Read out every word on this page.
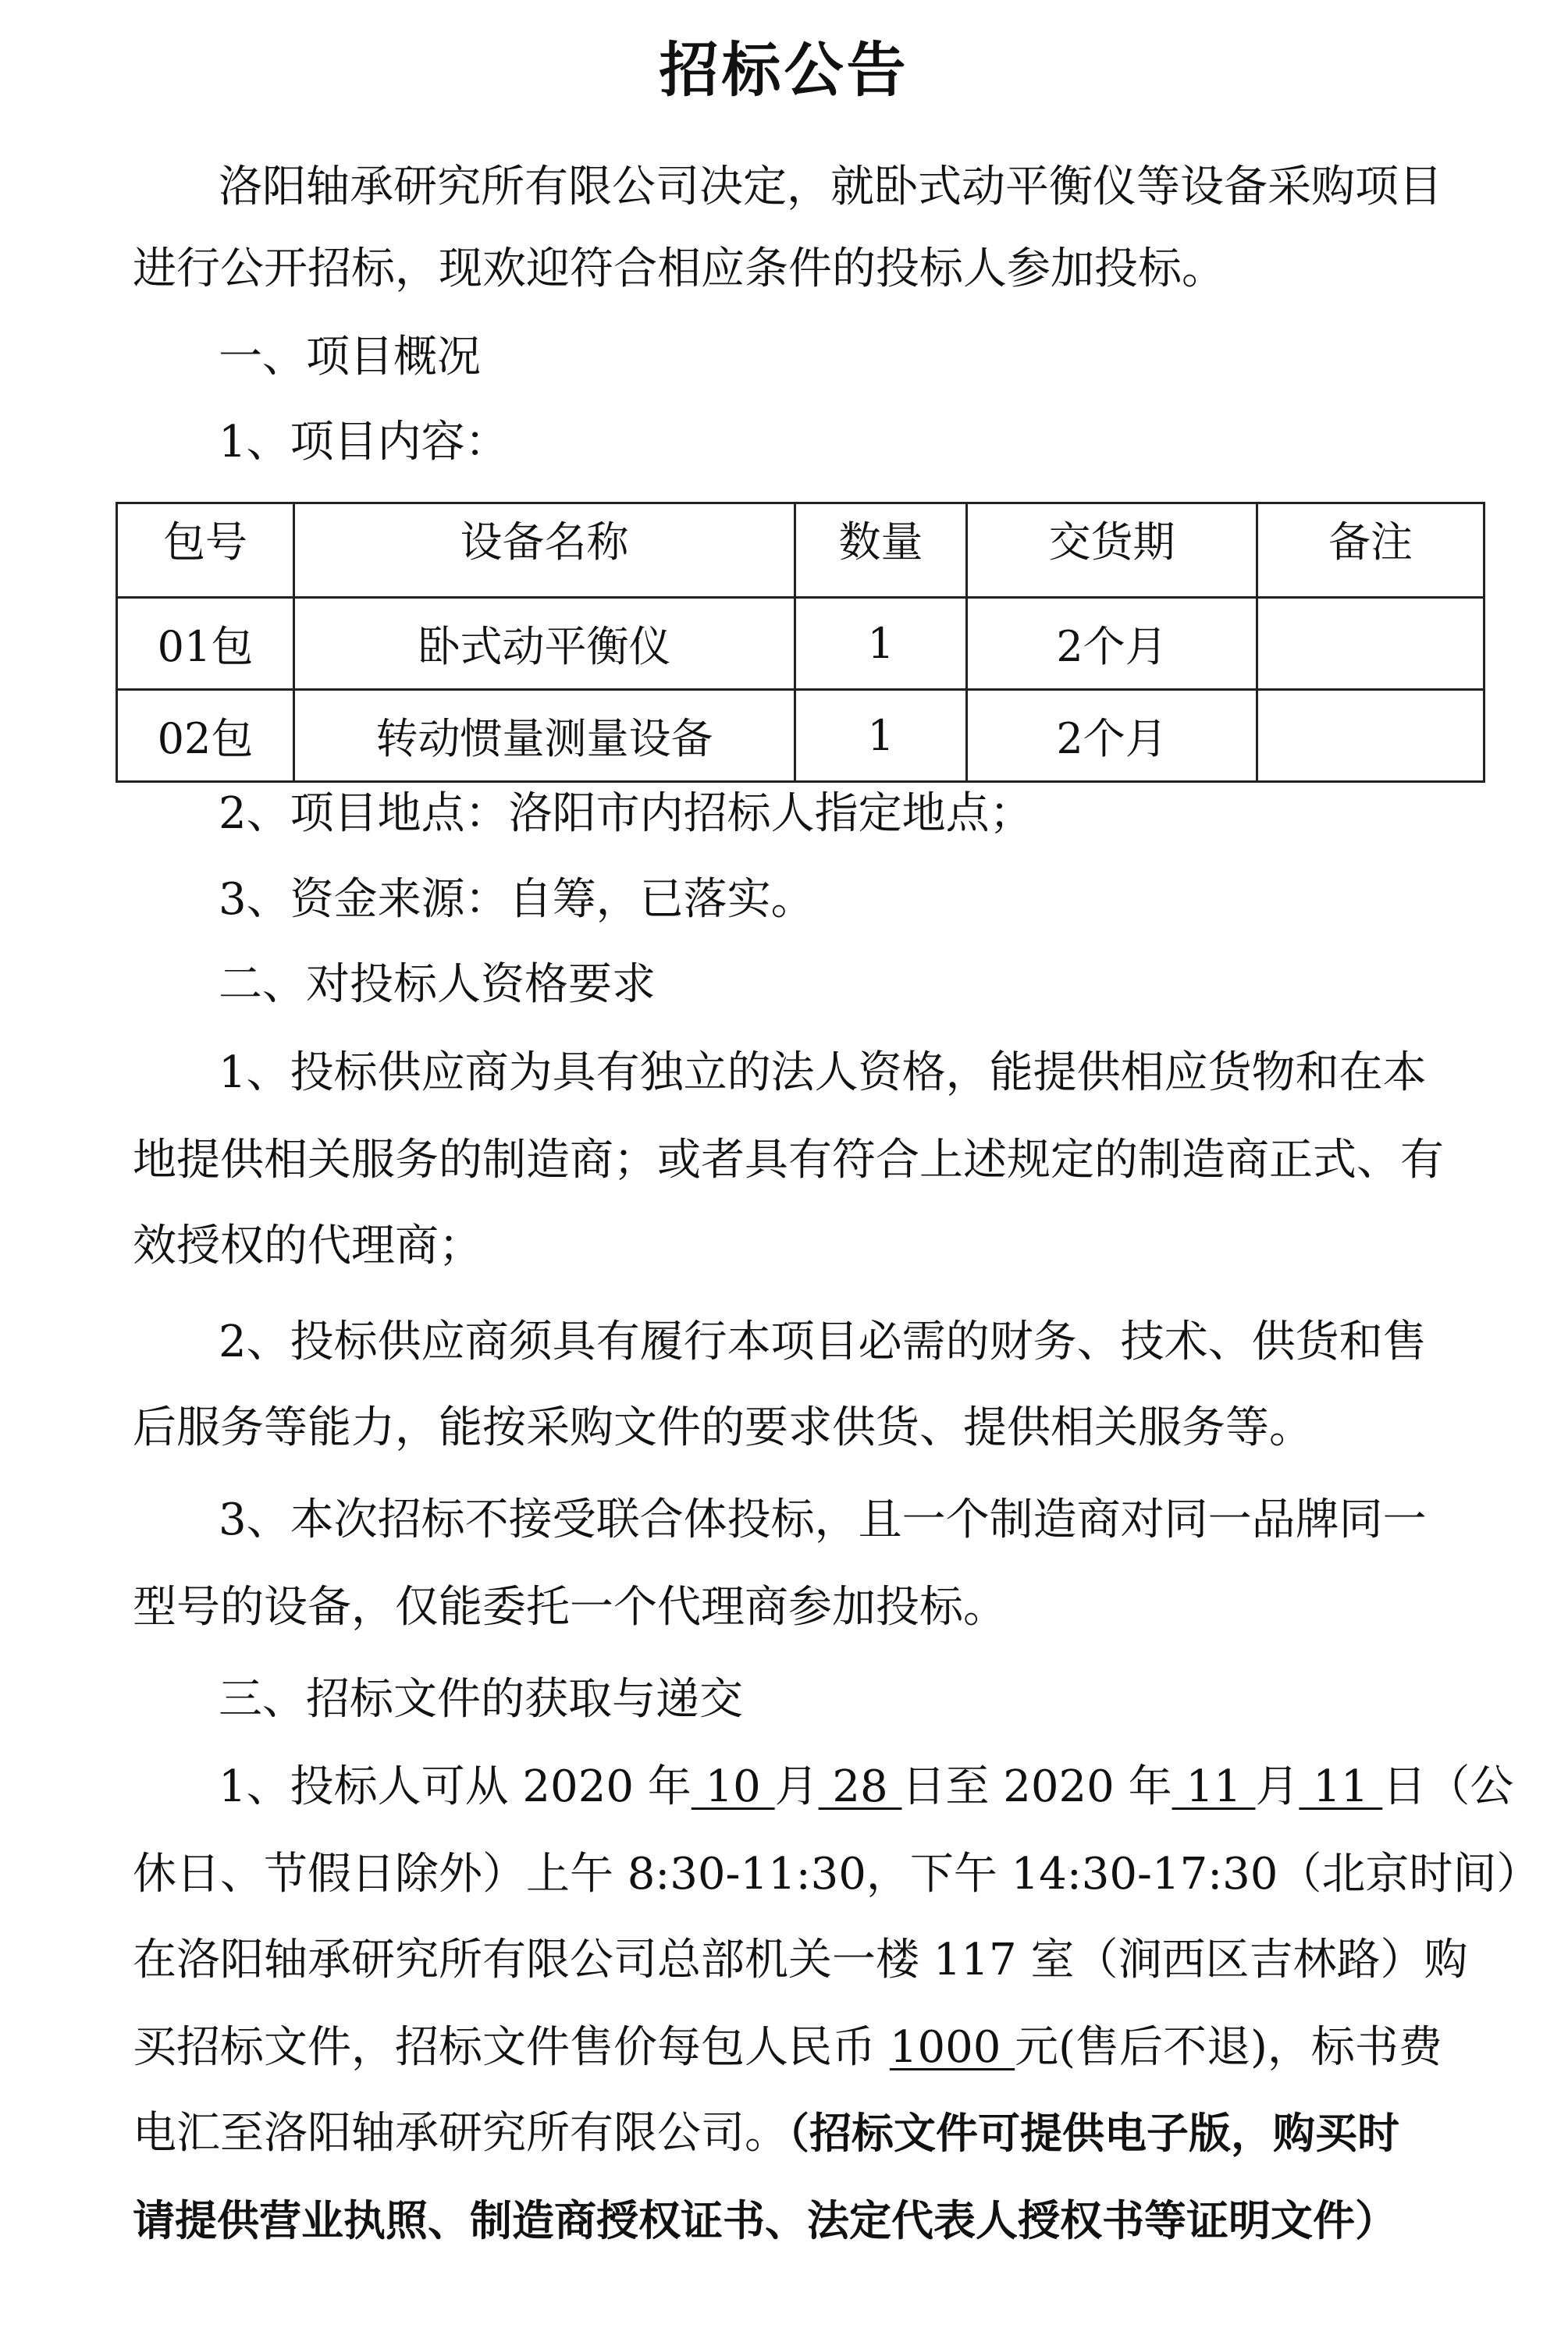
招标公告
洛阳轴承研究所有限公司决定，就卧式动平衡仪等设备采购项目
进行公开招标，现欢迎符合相应条件的投标人参加投标。
一、项目概况
1、项目内容：
包号	设备名称	数量	交货期	备注
01包	卧式动平衡仪	1	2个月	
02包	转动惯量测量设备	1	2个月	
2、项目地点：洛阳市内招标人指定地点；
3、资金来源：自筹，已落实。
二、对投标人资格要求
1、投标供应商为具有独立的法人资格，能提供相应货物和在本
地提供相关服务的制造商；或者具有符合上述规定的制造商正式、有
效授权的代理商；
2、投标供应商须具有履行本项目必需的财务、技术、供货和售
后服务等能力，能按采购文件的要求供货、提供相关服务等。
3、本次招标不接受联合体投标，且一个制造商对同一品牌同一
型号的设备，仅能委托一个代理商参加投标。
三、招标文件的获取与递交
1、投标人可从 2020 年 10 月 28 日至 2020 年 11 月 11 日（公
休日、节假日除外）上午 8:30-11:30，下午 14:30-17:30（北京时间）
在洛阳轴承研究所有限公司总部机关一楼 117 室（涧西区吉林路）购
买招标文件，招标文件售价每包人民币 1000 元(售后不退)，标书费
电汇至洛阳轴承研究所有限公司。（招标文件可提供电子版，购买时
请提供营业执照、制造商授权证书、法定代表人授权书等证明文件）
